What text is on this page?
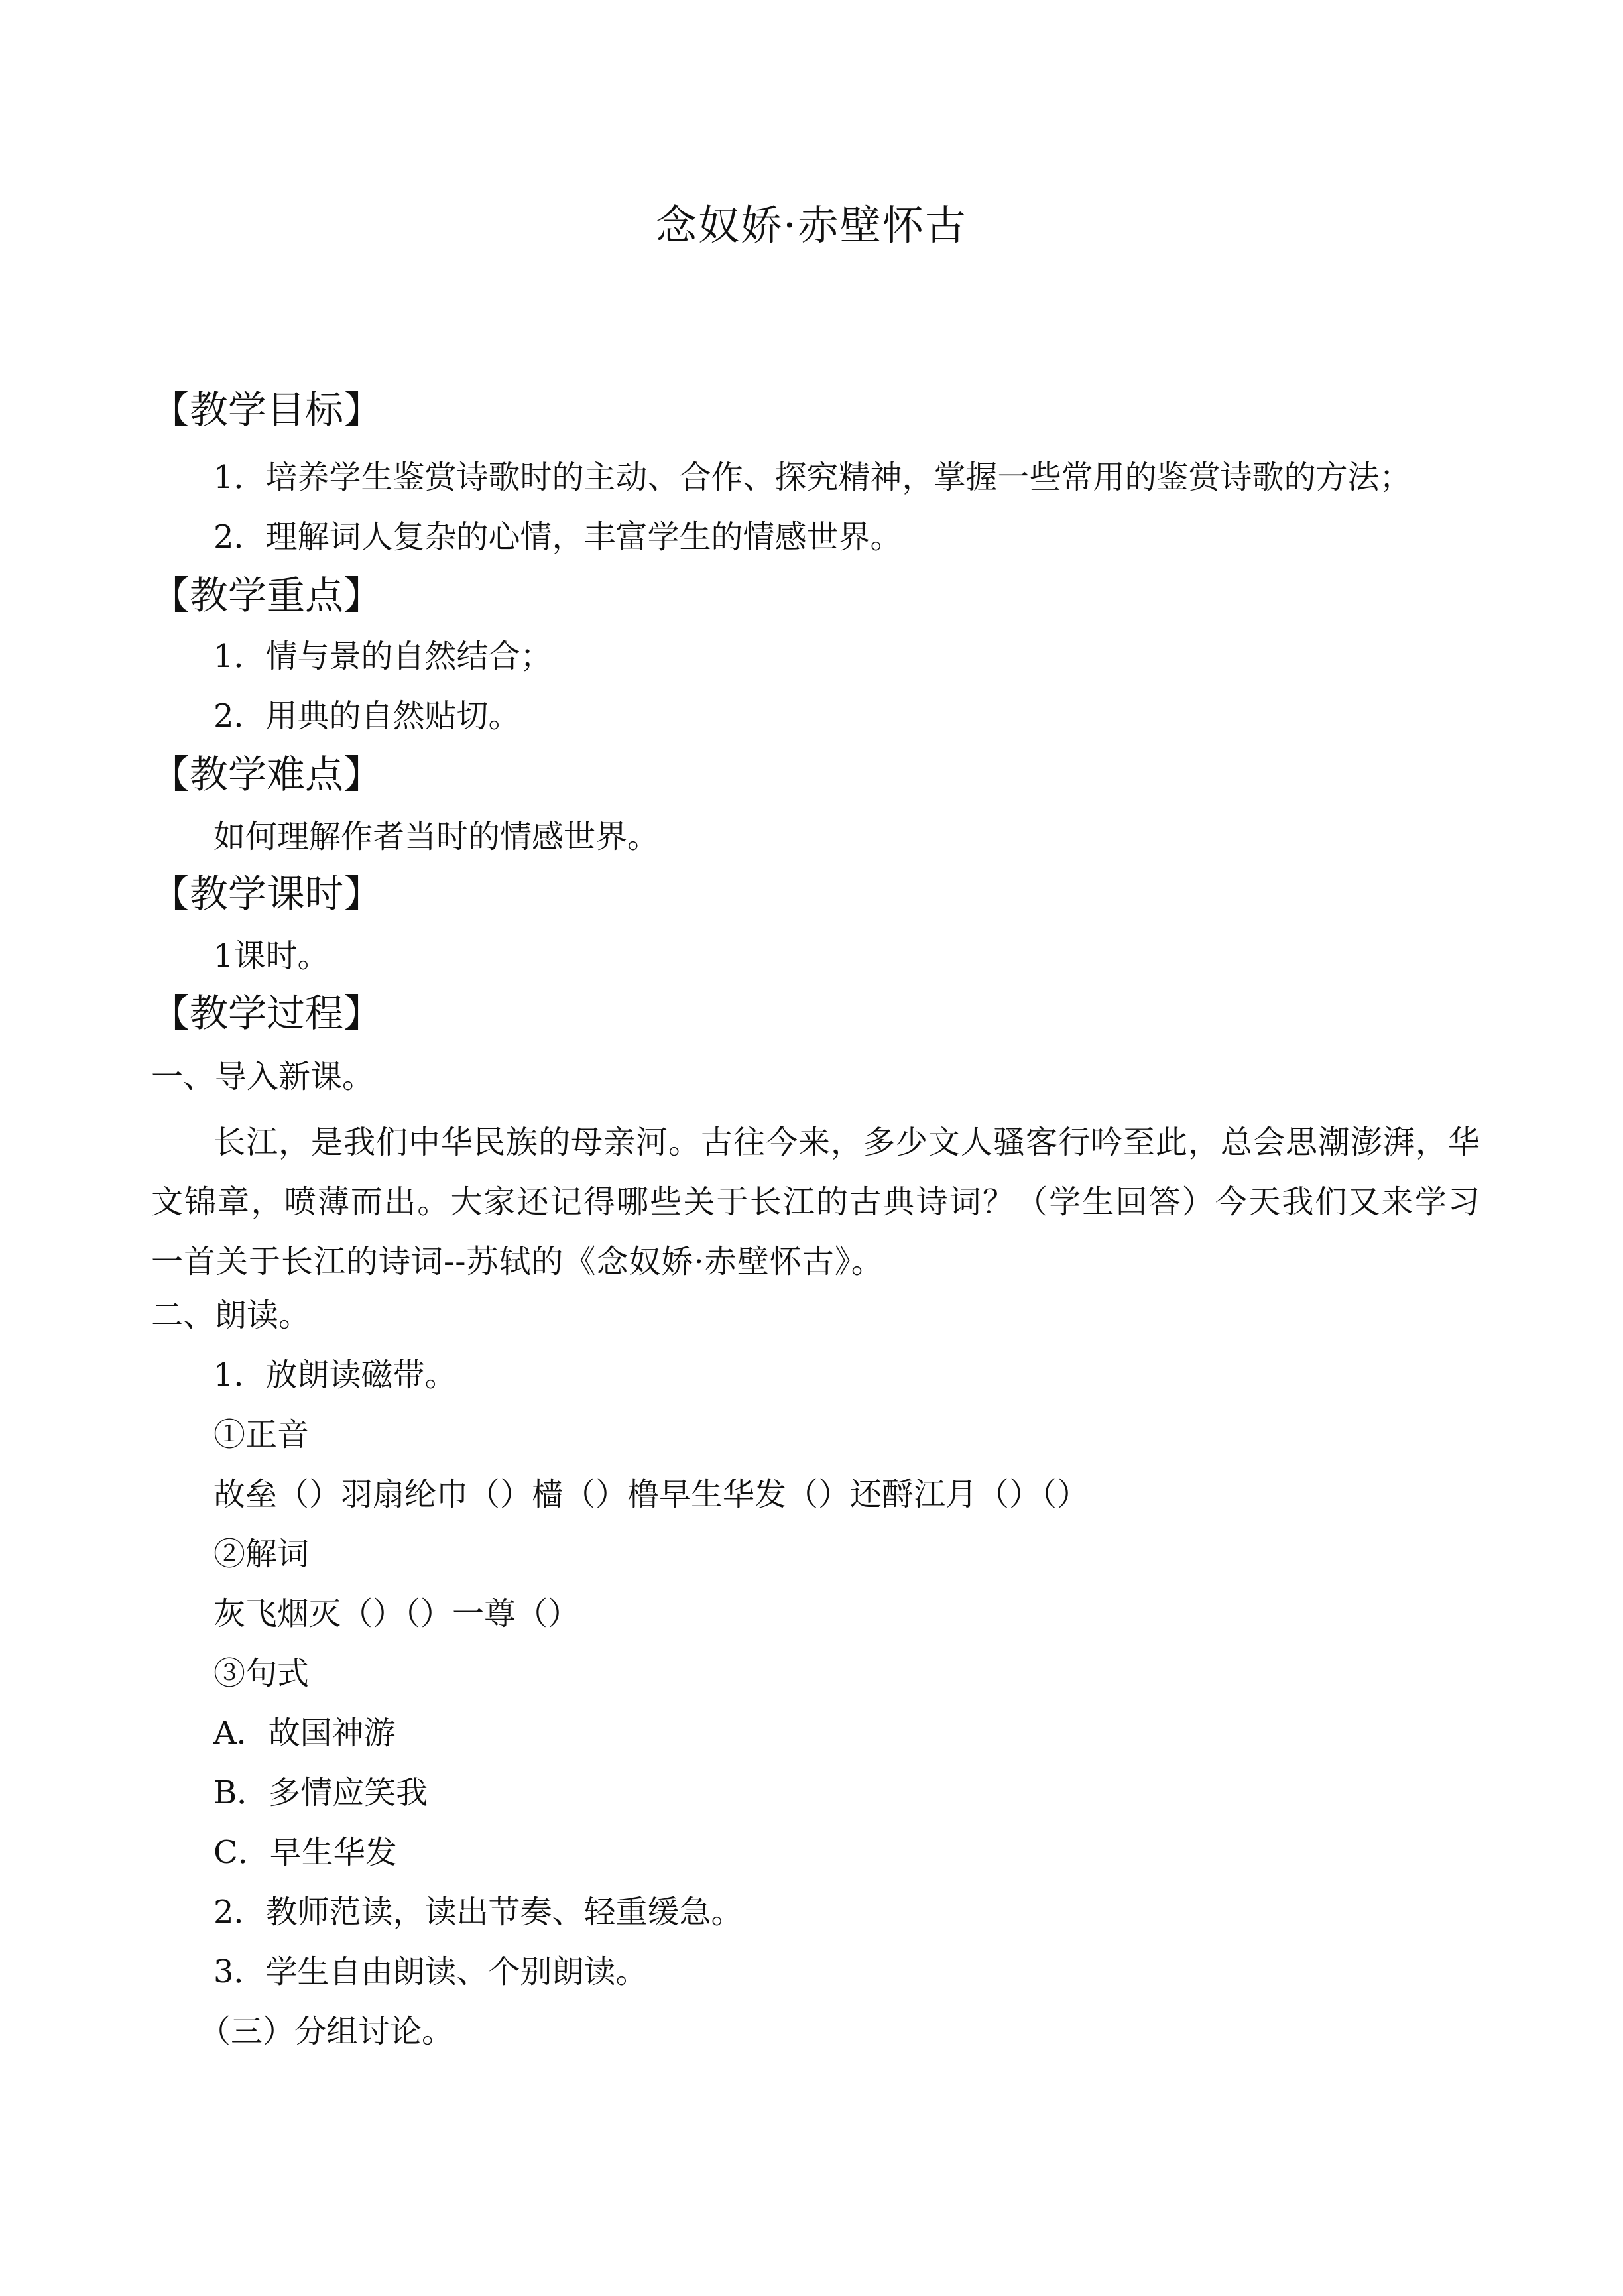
念奴娇·赤壁怀古
【教学目标】
1．培养学生鉴赏诗歌时的主动、合作、探究精神，掌握一些常用的鉴赏诗歌的方法；
2．理解词人复杂的心情，丰富学生的情感世界。
【教学重点】
1．情与景的自然结合；
2．用典的自然贴切。
【教学难点】
如何理解作者当时的情感世界。
【教学课时】
1课时。
【教学过程】
一、导入新课。
长江，是我们中华民族的母亲河。古往今来，多少文人骚客行吟至此，总会思潮澎湃，华文锦章，喷薄而出。大家还记得哪些关于长江的古典诗词？（学生回答）今天我们又来学习一首关于长江的诗词--苏轼的《念奴娇·赤壁怀古》。
二、朗读。
1．放朗读磁带。
①正音
故垒（）羽扇纶巾（）樯（）橹早生华发（）还酹江月（）（）
②解词
灰飞烟灭（）（）一尊（）
③句式
A．故国神游
B．多情应笑我
C．早生华发
2．教师范读，读出节奏、轻重缓急。
3．学生自由朗读、个别朗读。
（三）分组讨论。
